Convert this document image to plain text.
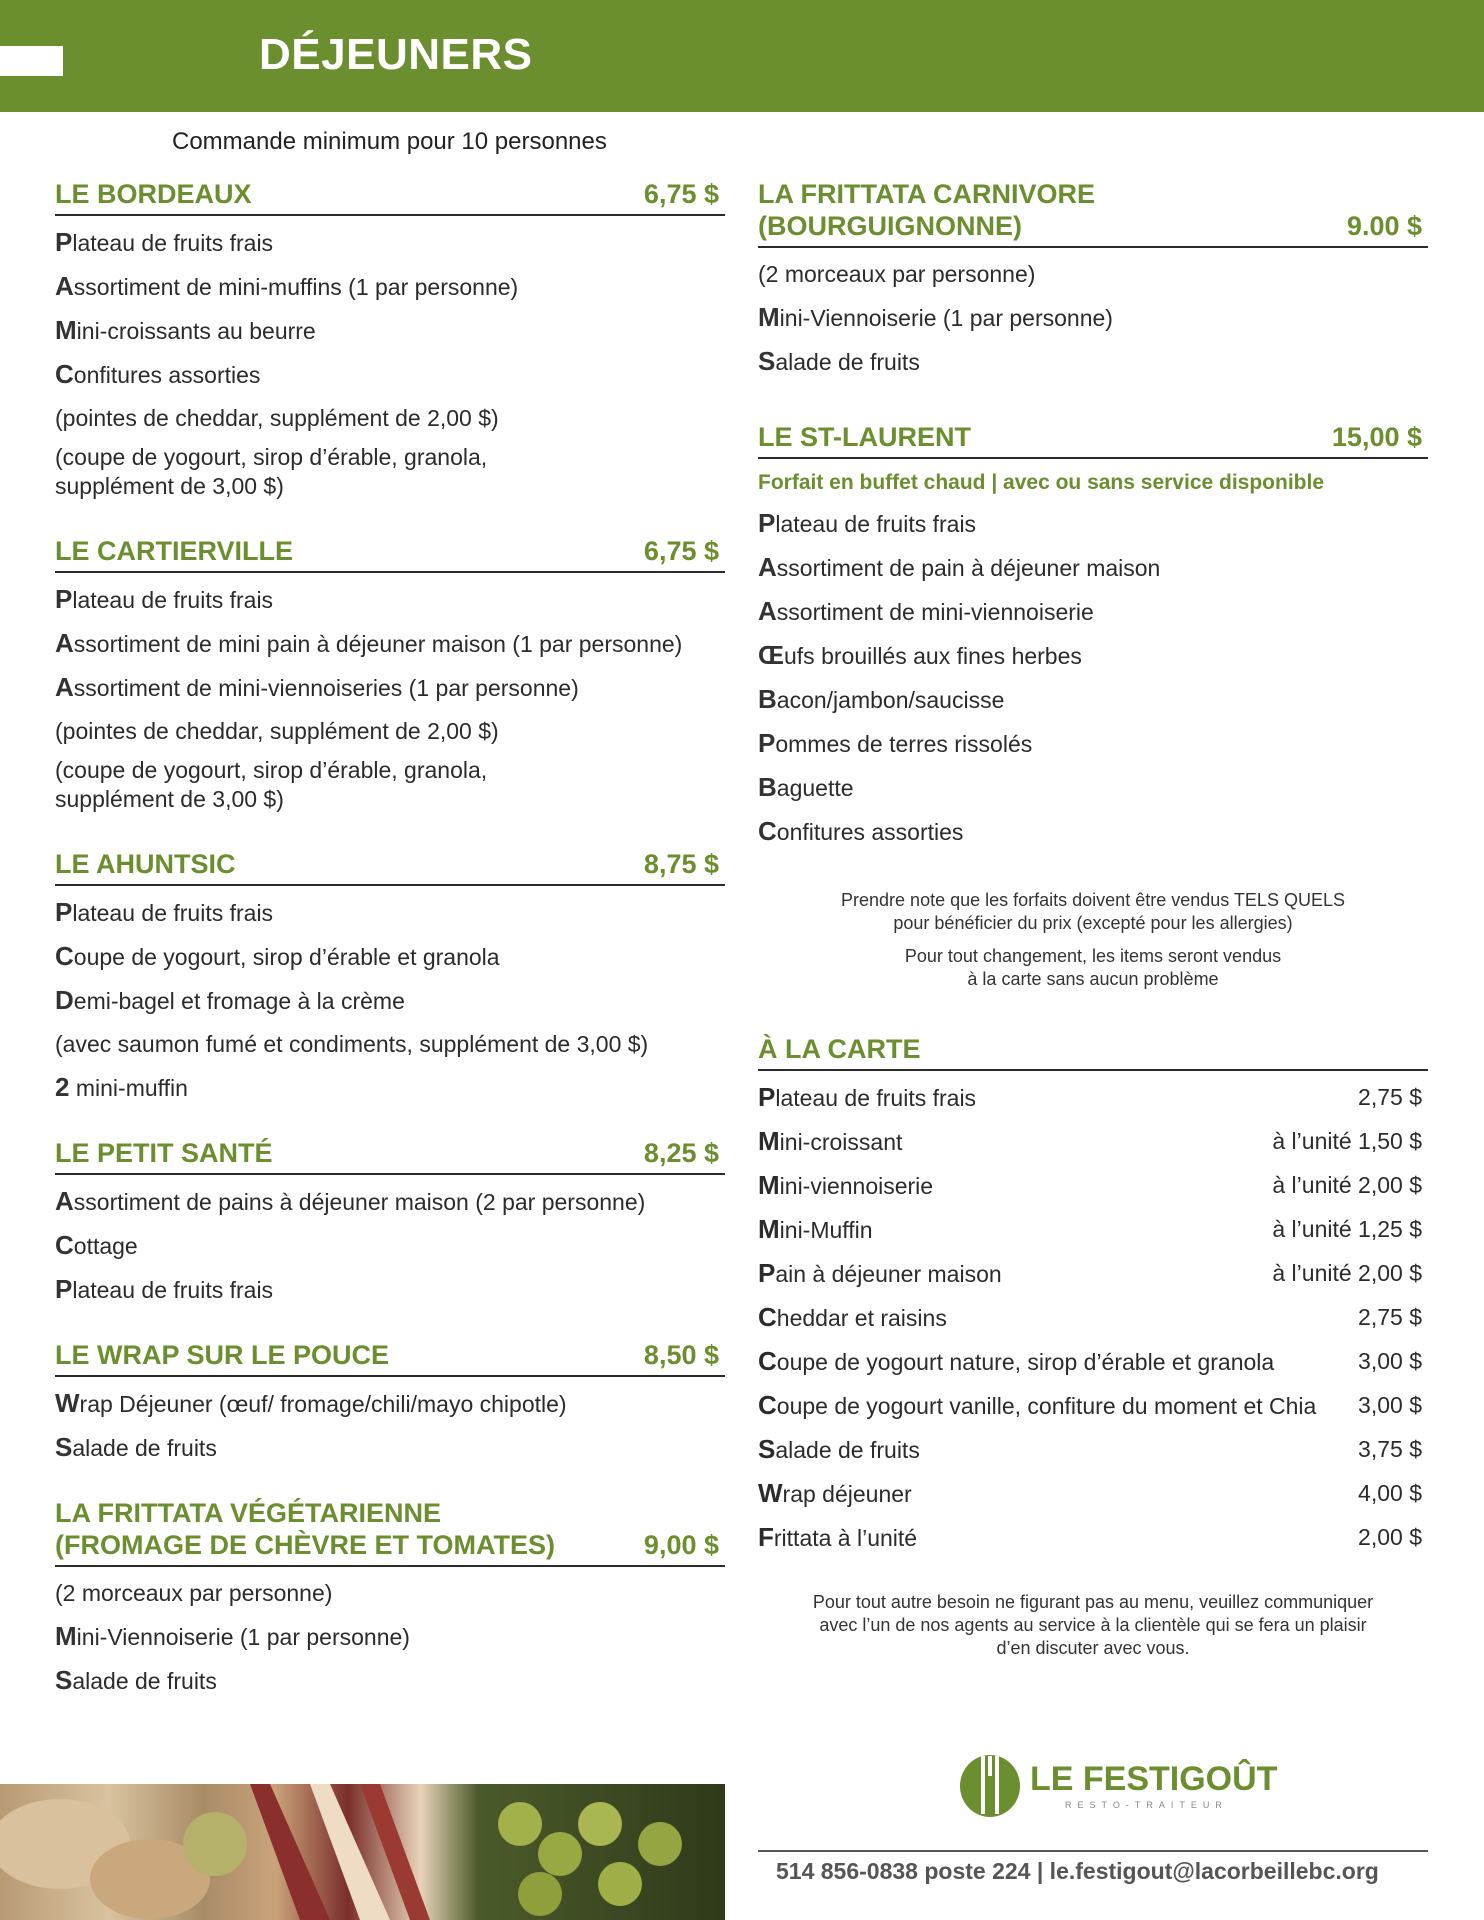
DÉJEUNERS
Commande minimum pour 10 personnes
LE BORDEAUX	6,75 $
Plateau de fruits frais
Assortiment de mini-muffins (1 par personne)
Mini-croissants au beurre
Confitures assorties
(pointes de cheddar, supplément de 2,00 $)
(coupe de yogourt, sirop d’érable, granola,
supplément de 3,00 $)
LE CARTIERVILLE	6,75 $
Plateau de fruits frais
Assortiment de mini pain à déjeuner maison (1 par personne)
Assortiment de mini-viennoiseries (1 par personne)
(pointes de cheddar, supplément de 2,00 $)
(coupe de yogourt, sirop d’érable, granola,
supplément de 3,00 $)
LE AHUNTSIC	8,75 $
Plateau de fruits frais
Coupe de yogourt, sirop d’érable et granola
Demi-bagel et fromage à la crème
(avec saumon fumé et condiments, supplément de 3,00 $)
2 mini-muffin
LE PETIT SANTÉ	8,25 $
Assortiment de pains à déjeuner maison (2 par personne)
Cottage
Plateau de fruits frais
LE WRAP SUR LE POUCE	8,50 $
Wrap Déjeuner (œuf/ fromage/chili/mayo chipotle)
Salade de fruits
LA FRITTATA VÉGÉTARIENNE
(FROMAGE DE CHÈVRE ET TOMATES)	9,00 $
(2 morceaux par personne)
Mini-Viennoiserie (1 par personne)
Salade de fruits
LA FRITTATA CARNIVORE
(BOURGUIGNONNE)	9.00 $
(2 morceaux par personne)
Mini-Viennoiserie (1 par personne)
Salade de fruits
LE ST-LAURENT	15,00 $
Forfait en buffet chaud | avec ou sans service disponible
Plateau de fruits frais
Assortiment de pain à déjeuner maison
Assortiment de mini-viennoiserie
Œufs brouillés aux fines herbes
Bacon/jambon/saucisse
Pommes de terres rissolés
Baguette
Confitures assorties
Prendre note que les forfaits doivent être vendus TELS QUELS
pour bénéficier du prix (excepté pour les allergies)
Pour tout changement, les items seront vendus
à la carte sans aucun problème
À LA CARTE
Plateau de fruits frais	2,75 $
Mini-croissant	à l’unité 1,50 $
Mini-viennoiserie	à l’unité 2,00 $
Mini-Muffin	à l’unité 1,25 $
Pain à déjeuner maison	à l’unité 2,00 $
Cheddar et raisins	2,75 $
Coupe de yogourt nature, sirop d’érable et granola	3,00 $
Coupe de yogourt vanille, confiture du moment et Chia 3,00 $
Salade de fruits	3,75 $
Wrap déjeuner	4,00 $
Frittata à l’unité	2,00 $
Pour tout autre besoin ne figurant pas au menu, veuillez communiquer
avec l’un de nos agents au service à la clientèle qui se fera un plaisir
d’en discuter avec vous.
LE FESTIGOÛT
RESTO-TRAITEUR
514 856-0838 poste 224 | le.festigout@lacorbeillebc.org
